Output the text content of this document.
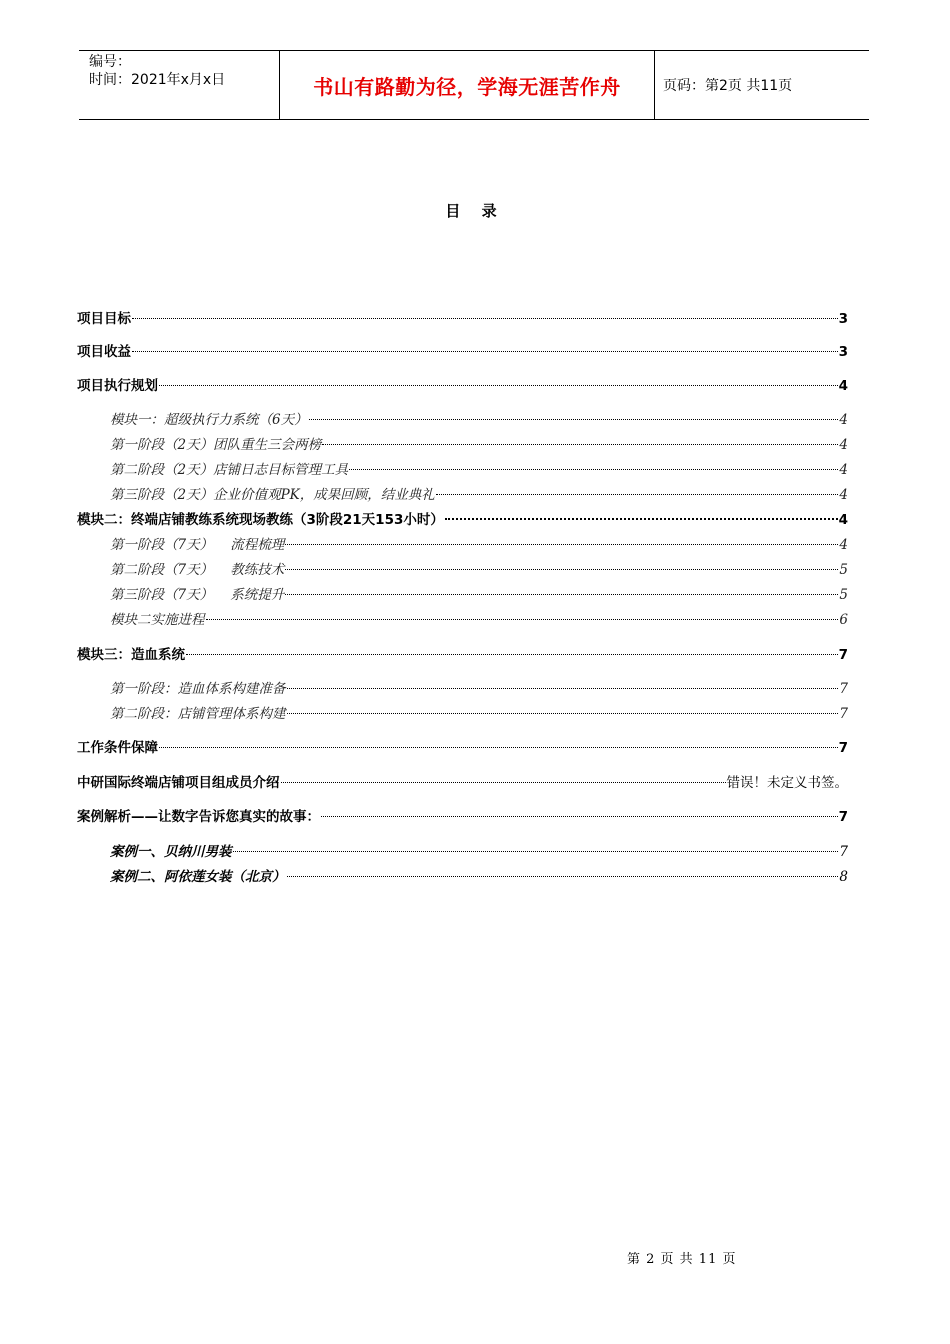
编号：
时间：2021年x月x日	书山有路勤为径，学海无涯苦作舟	页码：第2页 共11页
目 录
项目目标	3
项目收益	3
项目执行规划	4
模块一：超级执行力系统（6天）	4
第一阶段（2天）团队重生三会两榜	4
第二阶段（2天）店铺日志目标管理工具	4
第三阶段（2天）企业价值观PK，成果回顾，结业典礼	4
模块二：终端店铺教练系统现场教练（3阶段21天153小时）	4
第一阶段（7天）    流程梳理	4
第二阶段（7天）    教练技术	5
第三阶段（7天）    系统提升	5
模块二实施进程	6
模块三：造血系统	7
第一阶段：造血体系构建准备	7
第二阶段：店铺管理体系构建	7
工作条件保障	7
中研国际终端店铺项目组成员介绍	错误！未定义书签。
案例解析——让数字告诉您真实的故事：	7
案例一、贝纳川男装	7
案例二、阿依莲女装（北京）	8
第 2 页 共 11 页
